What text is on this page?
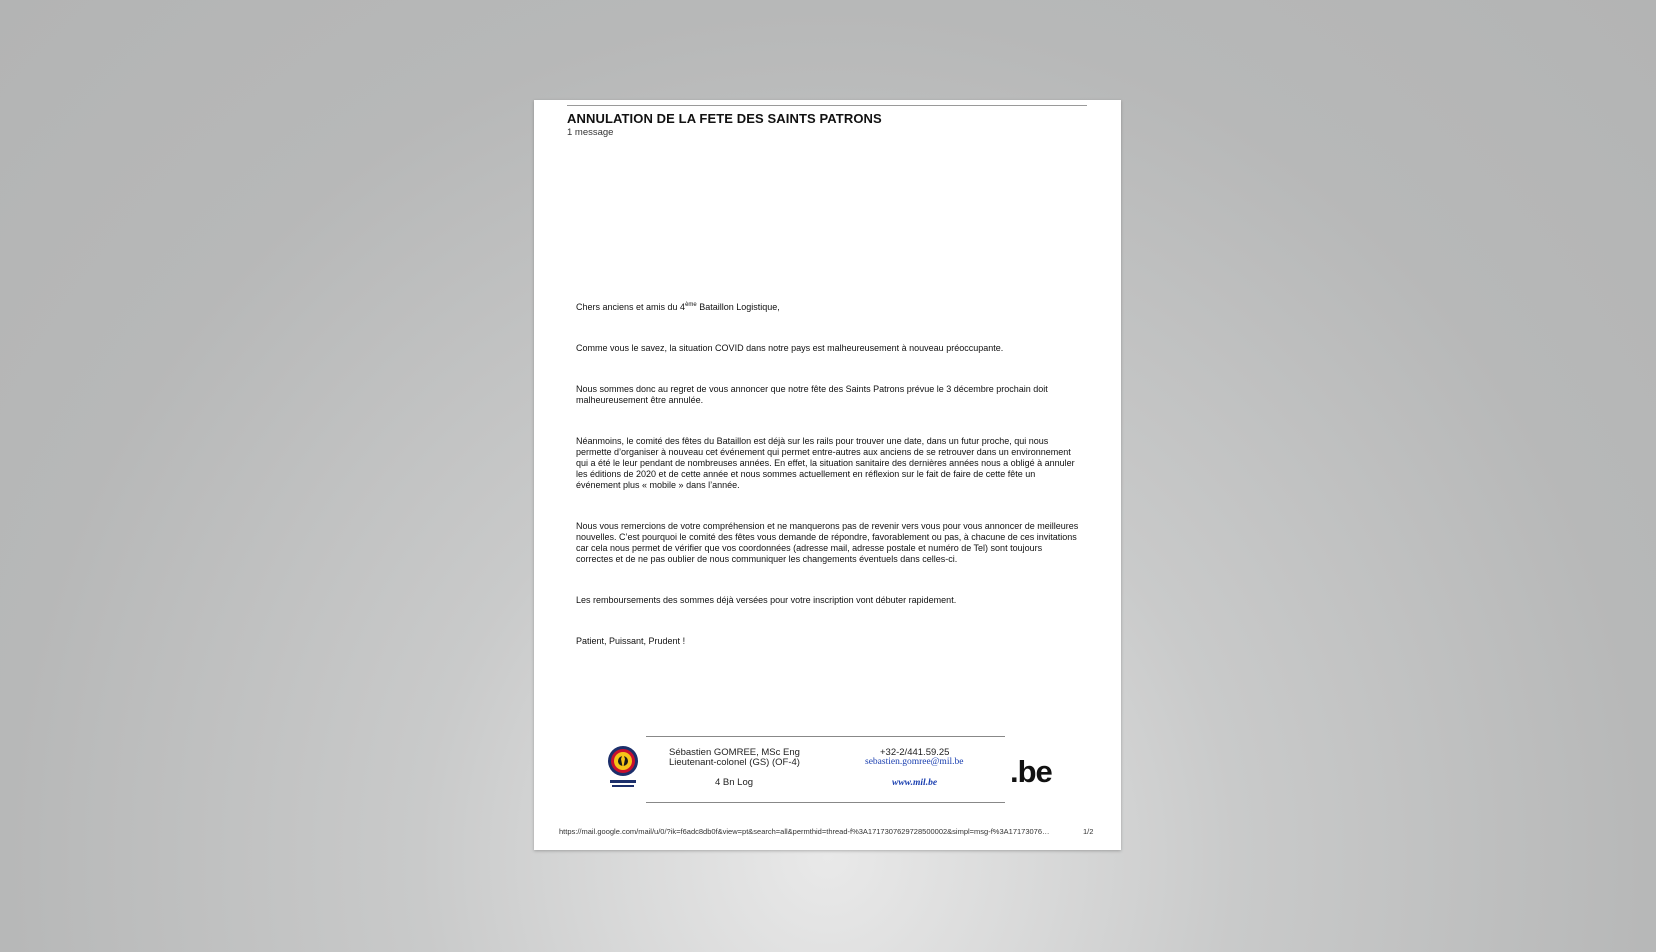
ANNULATION DE LA FETE DES SAINTS PATRONS
1 message

Chers anciens et amis du 4ème Bataillon Logistique,

Comme vous le savez, la situation COVID dans notre pays est malheureusement à nouveau préoccupante.

Nous sommes donc au regret de vous annoncer que notre fête des Saints Patrons prévue le 3 décembre prochain doit malheureusement être annulée.

Néanmoins, le comité des fêtes du Bataillon est déjà sur les rails pour trouver une date, dans un futur proche, qui nous permette d’organiser à nouveau cet événement qui permet entre-autres aux anciens de se retrouver dans un environnement qui a été le leur pendant de nombreuses années. En effet, la situation sanitaire des dernières années nous a obligé à annuler les éditions de 2020 et de cette année et nous sommes actuellement en réflexion sur le fait de faire de cette fête un événement plus « mobile » dans l’année.

Nous vous remercions de votre compréhension et ne manquerons pas de revenir vers vous pour vous annoncer de meilleures nouvelles. C’est pourquoi le comité des fêtes vous demande de répondre, favorablement ou pas, à chacune de ces invitations car cela nous permet de vérifier que vos coordonnées (adresse mail, adresse postale et numéro de Tel) sont toujours correctes et de ne pas oublier de nous communiquer les changements éventuels dans celles-ci.

Les remboursements des sommes déjà versées pour votre inscription vont débuter rapidement.

Patient, Puissant, Prudent !

Sébastien GOMREE, MSc Eng
Lieutenant-colonel (GS) (OF-4)
4 Bn Log
+32-2/441.59.25
sebastien.gomree@mil.be
www.mil.be .be
https://mail.google.com/mail/u/0/?ik=f6adc8db0f&view=pt&search=all&permthid=thread-f%3A1717307629728500002&simpl=msg-f%3A17173076…	1/2
